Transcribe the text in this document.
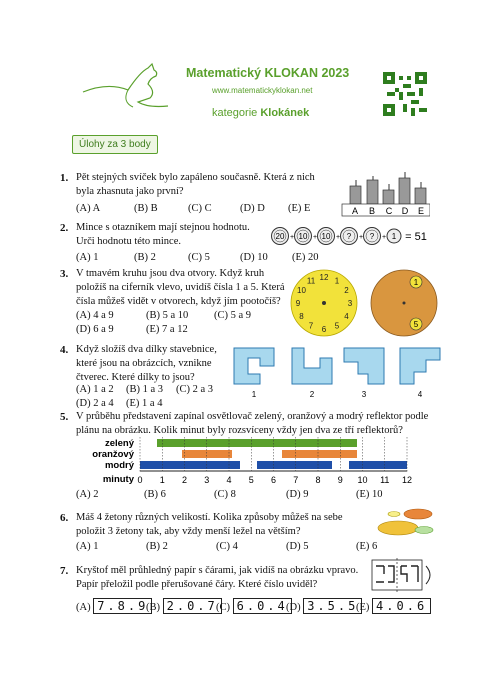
Matematický KLOKAN 2023
www.matematickyklokan.net
kategorie Klokánek
Úlohy za 3 body
1. Pět stejných svíček bylo zapáleno současně. Která z nich
byla zhasnuta jako první?
(A) A	(B) B	(C) C	(D) D (E) E	A B C D E
2. Mince s otazníkem mají stejnou hodnotu.
Urči hodnotu této mince.
(A) 1	(B) 2	(C) 5	(D) 10 (E) 20
20 + 10 + 10 + ? + ? + 1 = 51
3. V tmavém kruhu jsou dva otvory. Když kruh
položíš na ciferník vlevo, uvidíš čísla 1 a 5. Která
čísla můžeš vidět v otvorech, když jím pootočíš?
(A) 4 a 9	(B) 5 a 10 (C) 5 a 9
(D) 6 a 9	(E) 7 a 12
12
11
10
9
8
7 6 5
4
3
2
1	1
5
4. Když složíš dva dílky stavebnice,
které jsou na obrázcích, vznikne
čtverec. Které dílky to jsou?
(A) 1 a 2 (B) 1 a 3 (C) 2 a 3
(D) 2 a 4 (E) 1 a 4
1	2	3	4
5. V průběhu představení zapínal osvětlovač zelený, oranžový a modrý reflektor podle
plánu na obrázku. Kolik minut byly rozsvíceny vždy jen dva ze tří reflektorů?
zelený
oranžový
modrý
minuty 0 1 2 3 4 5 6 7 8 9 10 11 12
(A) 2	(B) 6	(C) 8	(D) 9	(E) 10
6. Máš 4 žetony různých velikostí. Kolika způsoby můžeš na sebe
položit 3 žetony tak, aby vždy menší ležel na větším?
(A) 1	(B) 2	(C) 4	(D) 5	(E) 6
7. Kryštof měl průhledný papír s čárami, jak vidíš na obrázku vpravo.
Papír přeložil podle přerušované čáry. Které číslo uviděl?
(A) 7.8.9
(B) 2.0.7
(C) 6.0.4
(D) 3.5.5
(E) 4.0.6
